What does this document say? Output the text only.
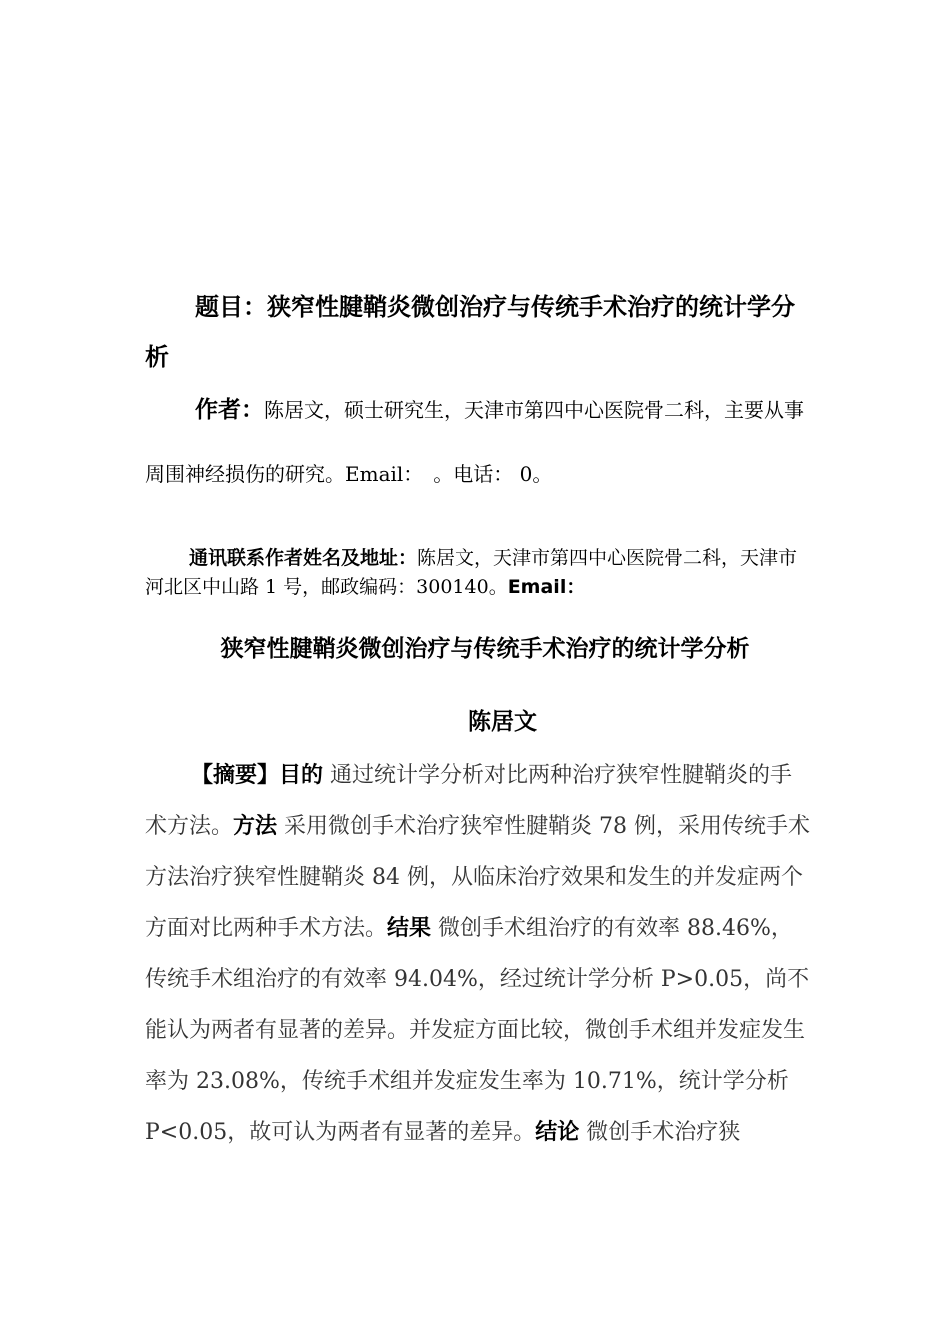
题目：狭窄性腱鞘炎微创治疗与传统手术治疗的统计学分析

作者：陈居文，硕士研究生，天津市第四中心医院骨二科，主要从事周围神经损伤的研究。Email：　。电话： 0。

通讯联系作者姓名及地址：陈居文，天津市第四中心医院骨二科，天津市河北区中山路 1 号，邮政编码：300140。Email：

狭窄性腱鞘炎微创治疗与传统手术治疗的统计学分析

陈居文

【摘要】目的 通过统计学分析对比两种治疗狭窄性腱鞘炎的手术方法。方法 采用微创手术治疗狭窄性腱鞘炎 78 例，采用传统手术方法治疗狭窄性腱鞘炎 84 例，从临床治疗效果和发生的并发症两个方面对比两种手术方法。结果 微创手术组治疗的有效率 88.46%，传统手术组治疗的有效率 94.04%，经过统计学分析 P>0.05，尚不能认为两者有显著的差异。并发症方面比较，微创手术组并发症发生率为 23.08%，传统手术组并发症发生率为 10.71%，统计学分析 P<0.05，故可认为两者有显著的差异。结论 微创手术治疗狭
